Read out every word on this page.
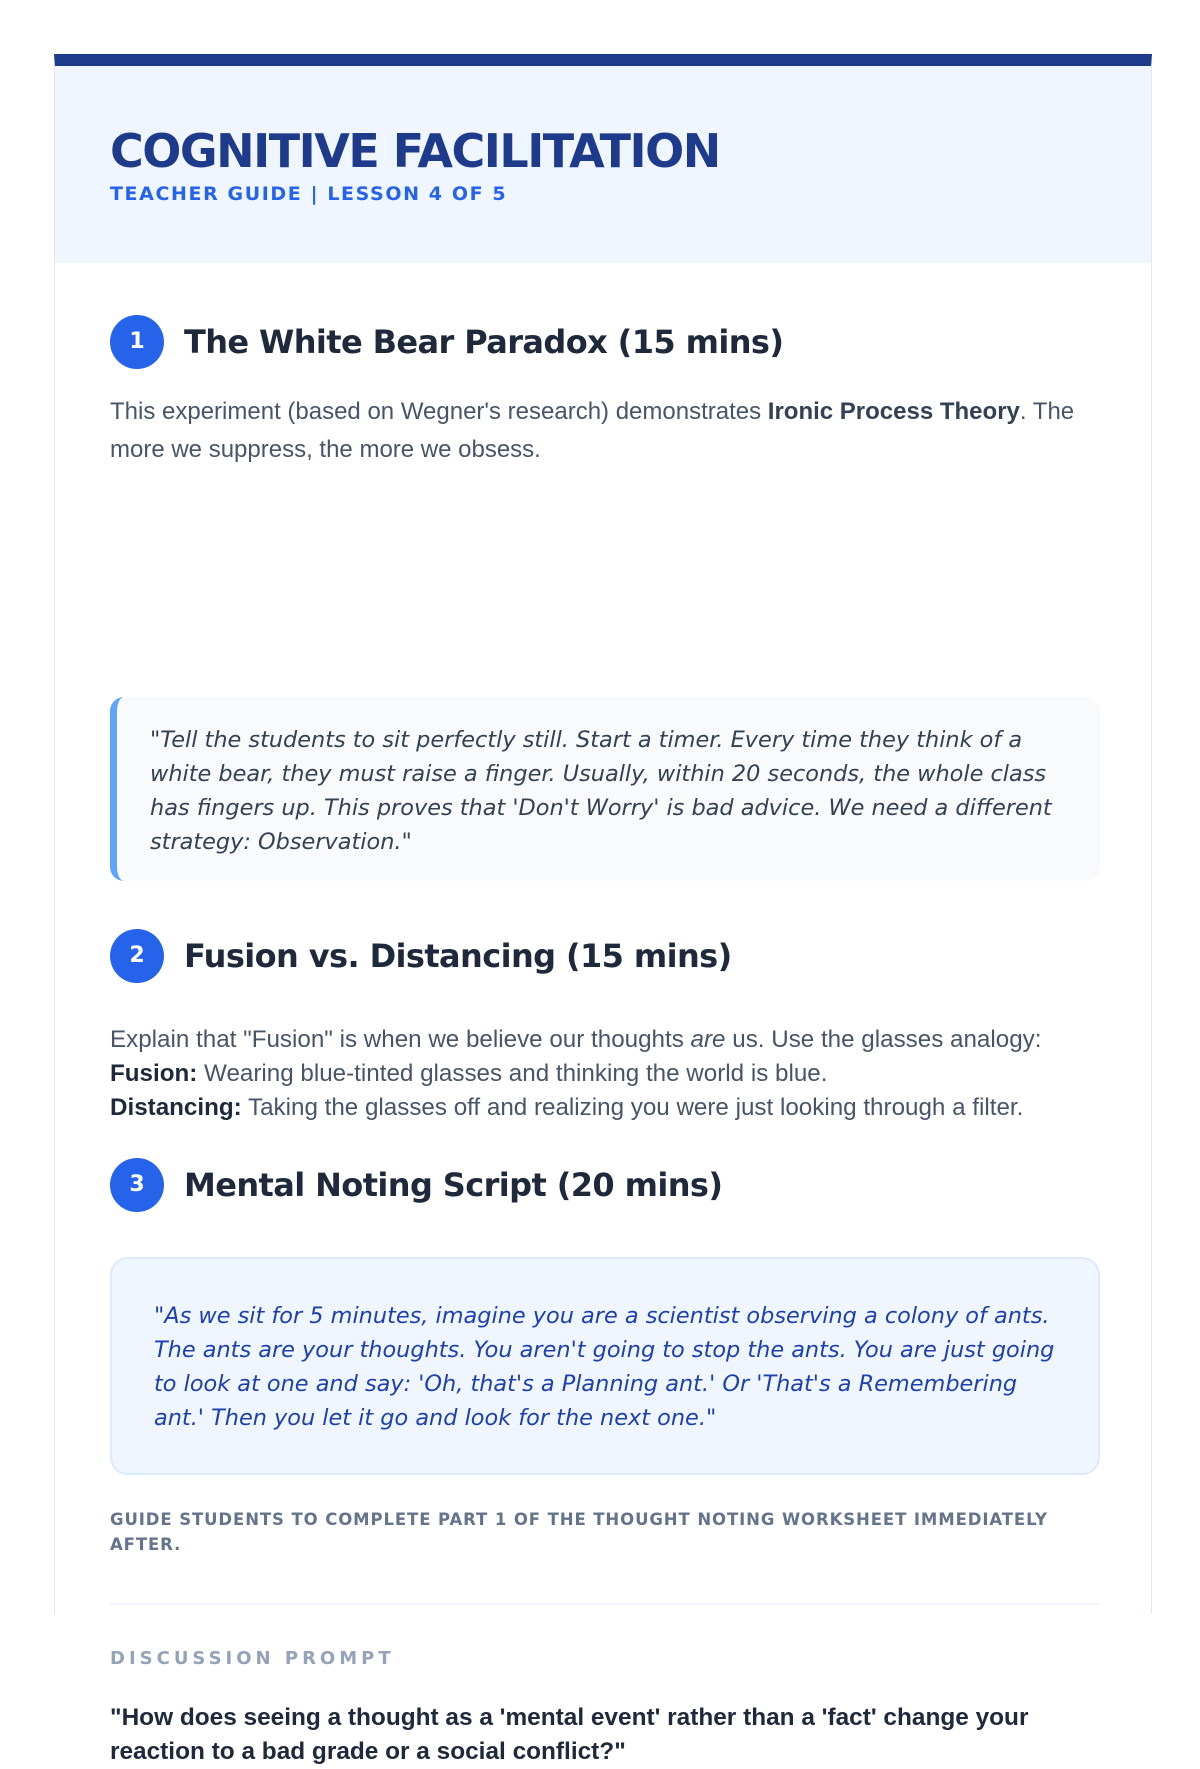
COGNITIVE FACILITATION
TEACHER GUIDE | LESSON 4 OF 5
1	The White Bear Paradox (15 mins)

This experiment (based on Wegner's research) demonstrates Ironic Process Theory. The more we suppress, the more we obsess.

"Tell the students to sit perfectly still. Start a timer. Every time they think of a white bear, they must raise a finger. Usually, within 20 seconds, the whole class has fingers up. This proves that 'Don't Worry' is bad advice. We need a different strategy: Observation."
2	Fusion vs. Distancing (15 mins)
Explain that "Fusion" is when we believe our thoughts are us. Use the glasses analogy:
Fusion: Wearing blue-tinted glasses and thinking the world is blue.
Distancing: Taking the glasses off and realizing you were just looking through a filter.
3	Mental Noting Script (20 mins)
"As we sit for 5 minutes, imagine you are a scientist observing a colony of ants. The ants are your thoughts. You aren't going to stop the ants. You are just going to look at one and say: 'Oh, that's a Planning ant.' Or 'That's a Remembering ant.' Then you let it go and look for the next one."
GUIDE STUDENTS TO COMPLETE PART 1 OF THE THOUGHT NOTING WORKSHEET IMMEDIATELY AFTER.
DISCUSSION PROMPT
"How does seeing a thought as a 'mental event' rather than a 'fact' change your reaction to a bad grade or a social conflict?"
